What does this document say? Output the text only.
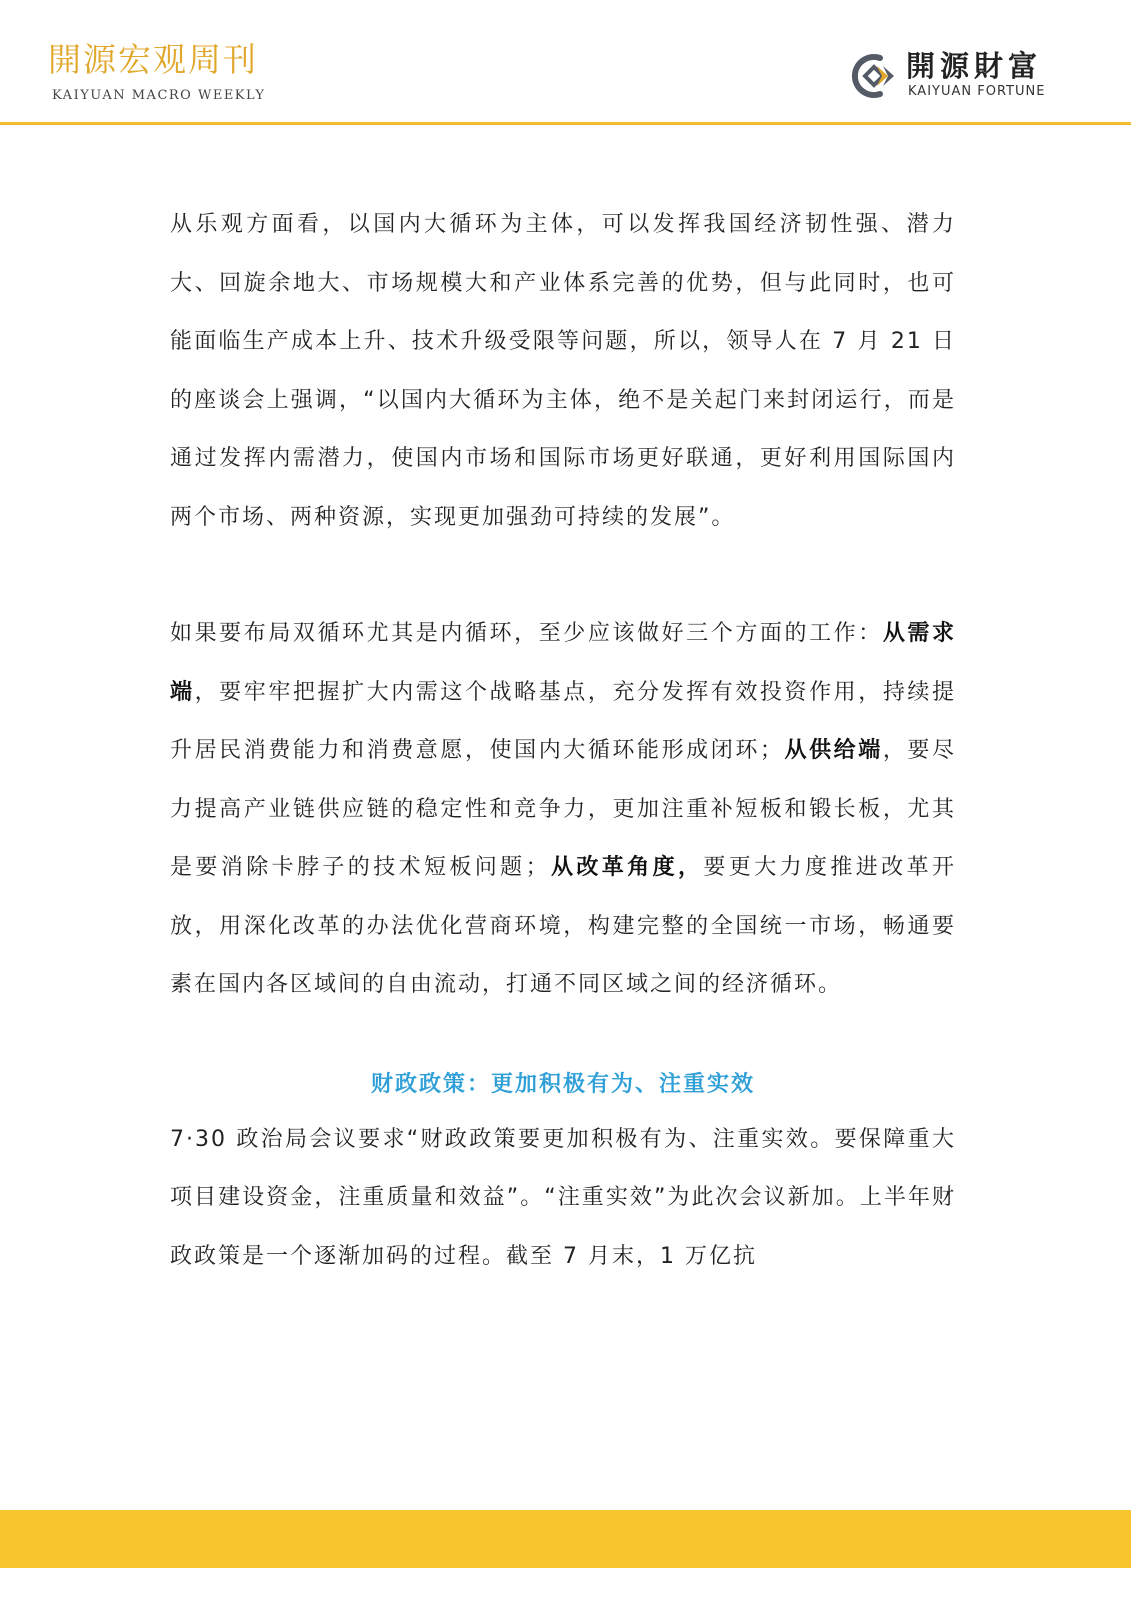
開源宏观周刊
KAIYUAN MACRO WEEKLY
開源財富
KAIYUAN FORTUNE

从乐观方面看，以国内大循环为主体，可以发挥我国经济韧性强、潜力大、回旋余地大、市场规模大和产业体系完善的优势，但与此同时，也可能面临生产成本上升、技术升级受限等问题，所以，领导人在 7 月 21 日的座谈会上强调，“以国内大循环为主体，绝不是关起门来封闭运行，而是通过发挥内需潜力，使国内市场和国际市场更好联通，更好利用国际国内两个市场、两种资源，实现更加强劲可持续的发展”。

如果要布局双循环尤其是内循环，至少应该做好三个方面的工作：从需求端，要牢牢把握扩大内需这个战略基点，充分发挥有效投资作用，持续提升居民消费能力和消费意愿，使国内大循环能形成闭环；从供给端，要尽力提高产业链供应链的稳定性和竞争力，更加注重补短板和锻长板，尤其是要消除卡脖子的技术短板问题；从改革角度，要更大力度推进改革开放，用深化改革的办法优化营商环境，构建完整的全国统一市场，畅通要素在国内各区域间的自由流动，打通不同区域之间的经济循环。

财政政策：更加积极有为、注重实效

7·30 政治局会议要求“财政政策要更加积极有为、注重实效。要保障重大项目建设资金，注重质量和效益”。“注重实效”为此次会议新加。上半年财政政策是一个逐渐加码的过程。截至 7 月末，1 万亿抗
